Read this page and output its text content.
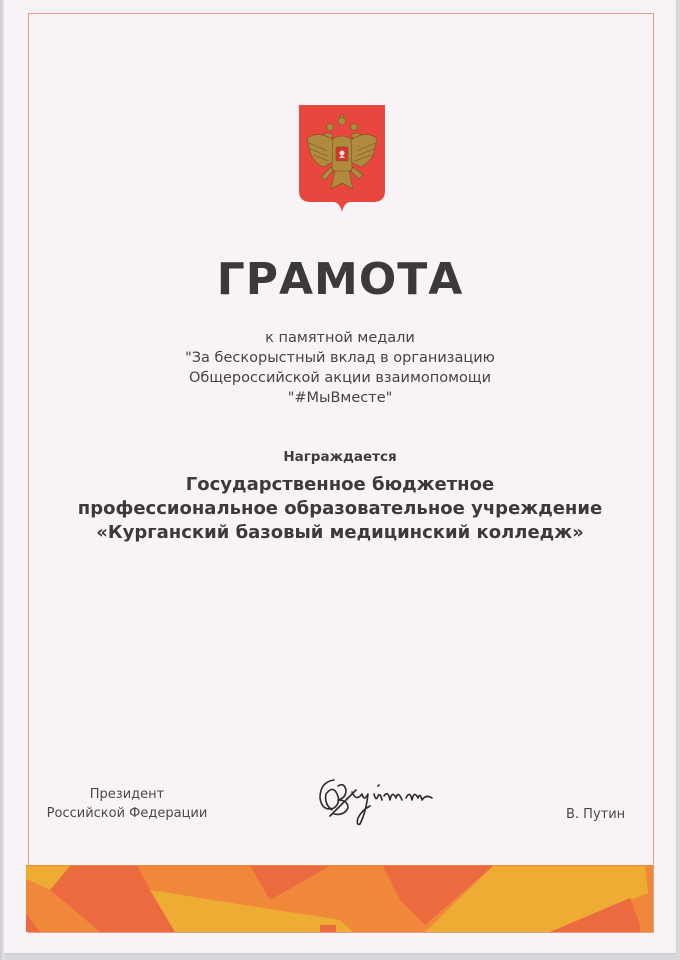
ГРАМОТА
к памятной медали
"За бескорыстный вклад в организацию
Общероссийской акции взаимопомощи
"#МыВместе"
Награждается
Государственное бюджетное
профессиональное образовательное учреждение
«Курганский базовый медицинский колледж»
Президент
Российской Федерации	В. Путин
